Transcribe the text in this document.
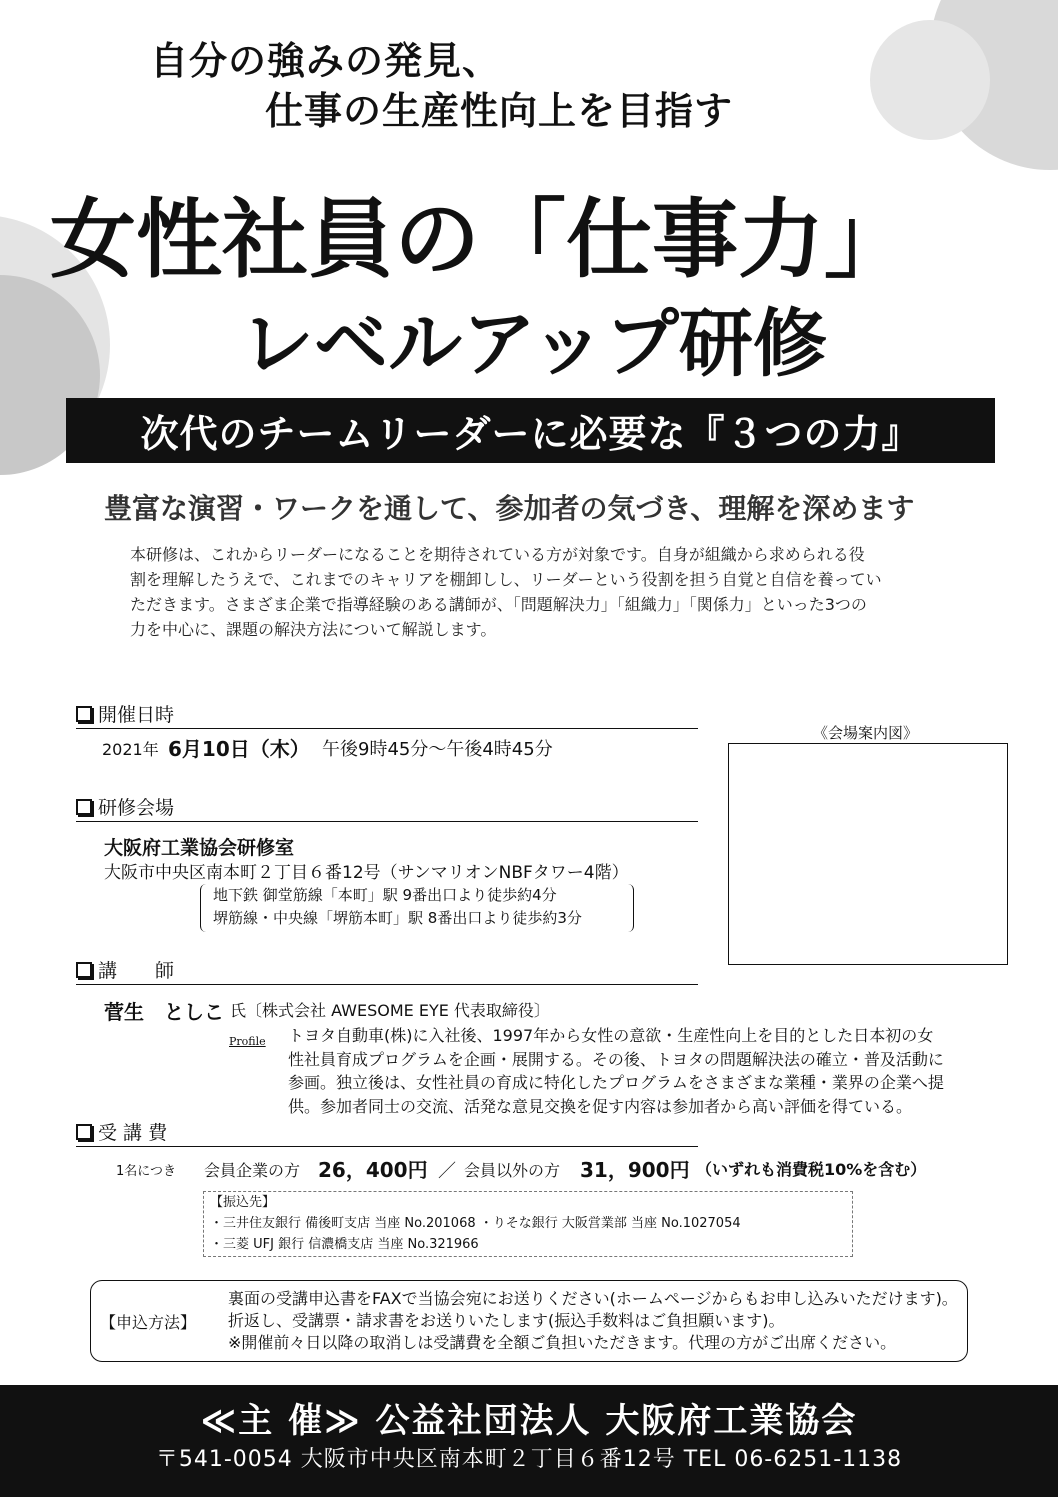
自分の強みの発見、
仕事の生産性向上を目指す
女性社員の「仕事力」
レベルアップ研修
次代のチームリーダーに必要な『３つの力』
豊富な演習・ワークを通して、参加者の気づき、理解を深めます
本研修は、これからリーダーになることを期待されている方が対象です。自身が組織から求められる役
割を理解したうえで、これまでのキャリアを棚卸しし、リーダーという役割を担う自覚と自信を養ってい
ただきます。さまざま企業で指導経験のある講師が、「問題解決力」「組織力」「関係力」といった3つの
力を中心に、課題の解決方法について解説します。
開催日時
2021年 6月10日（木） 午後9時45分～午後4時45分
研修会場
大阪府工業協会研修室
大阪市中央区南本町２丁目６番12号（サンマリオンNBFタワー4階）
地下鉄 御堂筋線「本町」駅 9番出口より徒歩約4分
堺筋線・中央線「堺筋本町」駅 8番出口より徒歩約3分
《会場案内図》
講　　師
菅生　としこ 氏〔株式会社 AWESOME EYE 代表取締役〕
Profile トヨタ自動車(株)に入社後、1997年から女性の意欲・生産性向上を目的とした日本初の女
性社員育成プログラムを企画・展開する。その後、トヨタの問題解決法の確立・普及活動に
参画。独立後は、女性社員の育成に特化したプログラムをさまざまな業種・業界の企業へ提
供。参加者同士の交流、活発な意見交換を促す内容は参加者から高い評価を得ている。
受 講 費
1名につき 会員企業の方 26，400円 ／ 会員以外の方 31，900円 （いずれも消費税10%を含む）
【振込先】
・三井住友銀行 備後町支店 当座 No.201068 ・りそな銀行 大阪営業部 当座 No.1027054
・三菱 UFJ 銀行 信濃橋支店 当座 No.321966
【申込方法】
裏面の受講申込書をFAXで当協会宛にお送りください(ホームページからもお申し込みいただけます)。
折返し、受講票・請求書をお送りいたします(振込手数料はご負担願います)。
※開催前々日以降の取消しは受講費を全額ご負担いただきます。代理の方がご出席ください。
≪主 催≫ 公益社団法人 大阪府工業協会
〒541-0054 大阪市中央区南本町２丁目６番12号 TEL 06-6251-1138
